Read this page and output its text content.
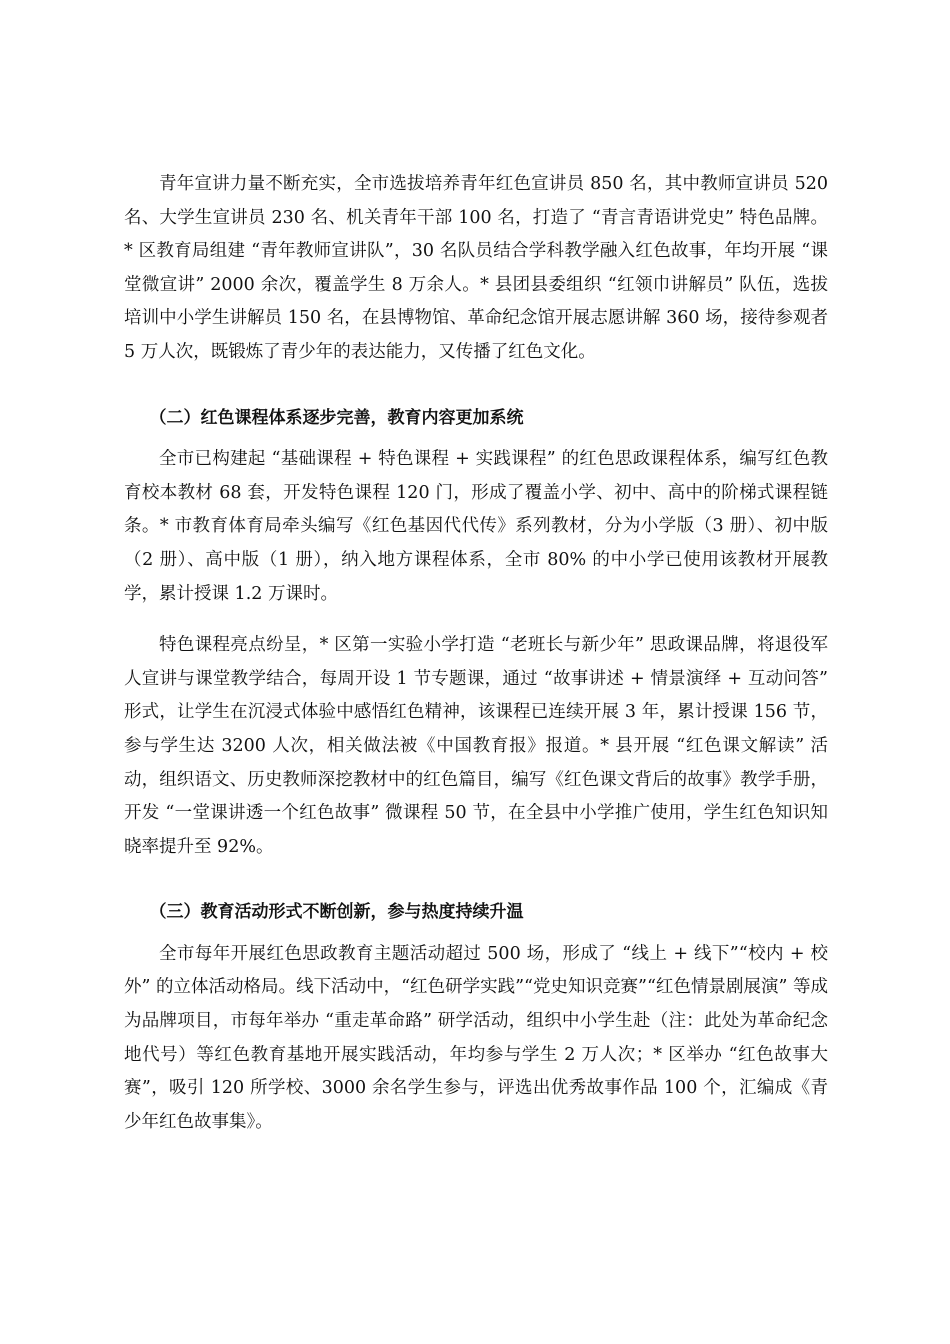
青年宣讲力量不断充实，全市选拔培养青年红色宣讲员 850 名，其中教师宣讲员 520 名、大学生宣讲员 230 名、机关青年干部 100 名，打造了 “青言青语讲党史” 特色品牌。* 区教育局组建 “青年教师宣讲队”，30 名队员结合学科教学融入红色故事，年均开展 “课堂微宣讲” 2000 余次，覆盖学生 8 万余人。* 县团县委组织 “红领巾讲解员” 队伍，选拔培训中小学生讲解员 150 名，在县博物馆、革命纪念馆开展志愿讲解 360 场，接待参观者 5 万人次，既锻炼了青少年的表达能力，又传播了红色文化。

（二）红色课程体系逐步完善，教育内容更加系统

全市已构建起 “基础课程 + 特色课程 + 实践课程” 的红色思政课程体系，编写红色教育校本教材 68 套，开发特色课程 120 门，形成了覆盖小学、初中、高中的阶梯式课程链条。* 市教育体育局牵头编写《红色基因代代传》系列教材，分为小学版（3 册）、初中版（2 册）、高中版（1 册），纳入地方课程体系，全市 80% 的中小学已使用该教材开展教学，累计授课 1.2 万课时。

特色课程亮点纷呈，* 区第一实验小学打造 “老班长与新少年” 思政课品牌，将退役军人宣讲与课堂教学结合，每周开设 1 节专题课，通过 “故事讲述 + 情景演绎 + 互动问答” 形式，让学生在沉浸式体验中感悟红色精神，该课程已连续开展 3 年，累计授课 156 节，参与学生达 3200 人次，相关做法被《中国教育报》报道。* 县开展 “红色课文解读” 活动，组织语文、历史教师深挖教材中的红色篇目，编写《红色课文背后的故事》教学手册，开发 “一堂课讲透一个红色故事” 微课程 50 节，在全县中小学推广使用，学生红色知识知晓率提升至 92%。

（三）教育活动形式不断创新，参与热度持续升温

全市每年开展红色思政教育主题活动超过 500 场，形成了 “线上 + 线下”“校内 + 校外” 的立体活动格局。线下活动中，“红色研学实践”“党史知识竞赛”“红色情景剧展演” 等成为品牌项目，市每年举办 “重走革命路” 研学活动，组织中小学生赴（注：此处为革命纪念地代号）等红色教育基地开展实践活动，年均参与学生 2 万人次；* 区举办 “红色故事大赛”，吸引 120 所学校、3000 余名学生参与，评选出优秀故事作品 100 个，汇编成《青少年红色故事集》。
